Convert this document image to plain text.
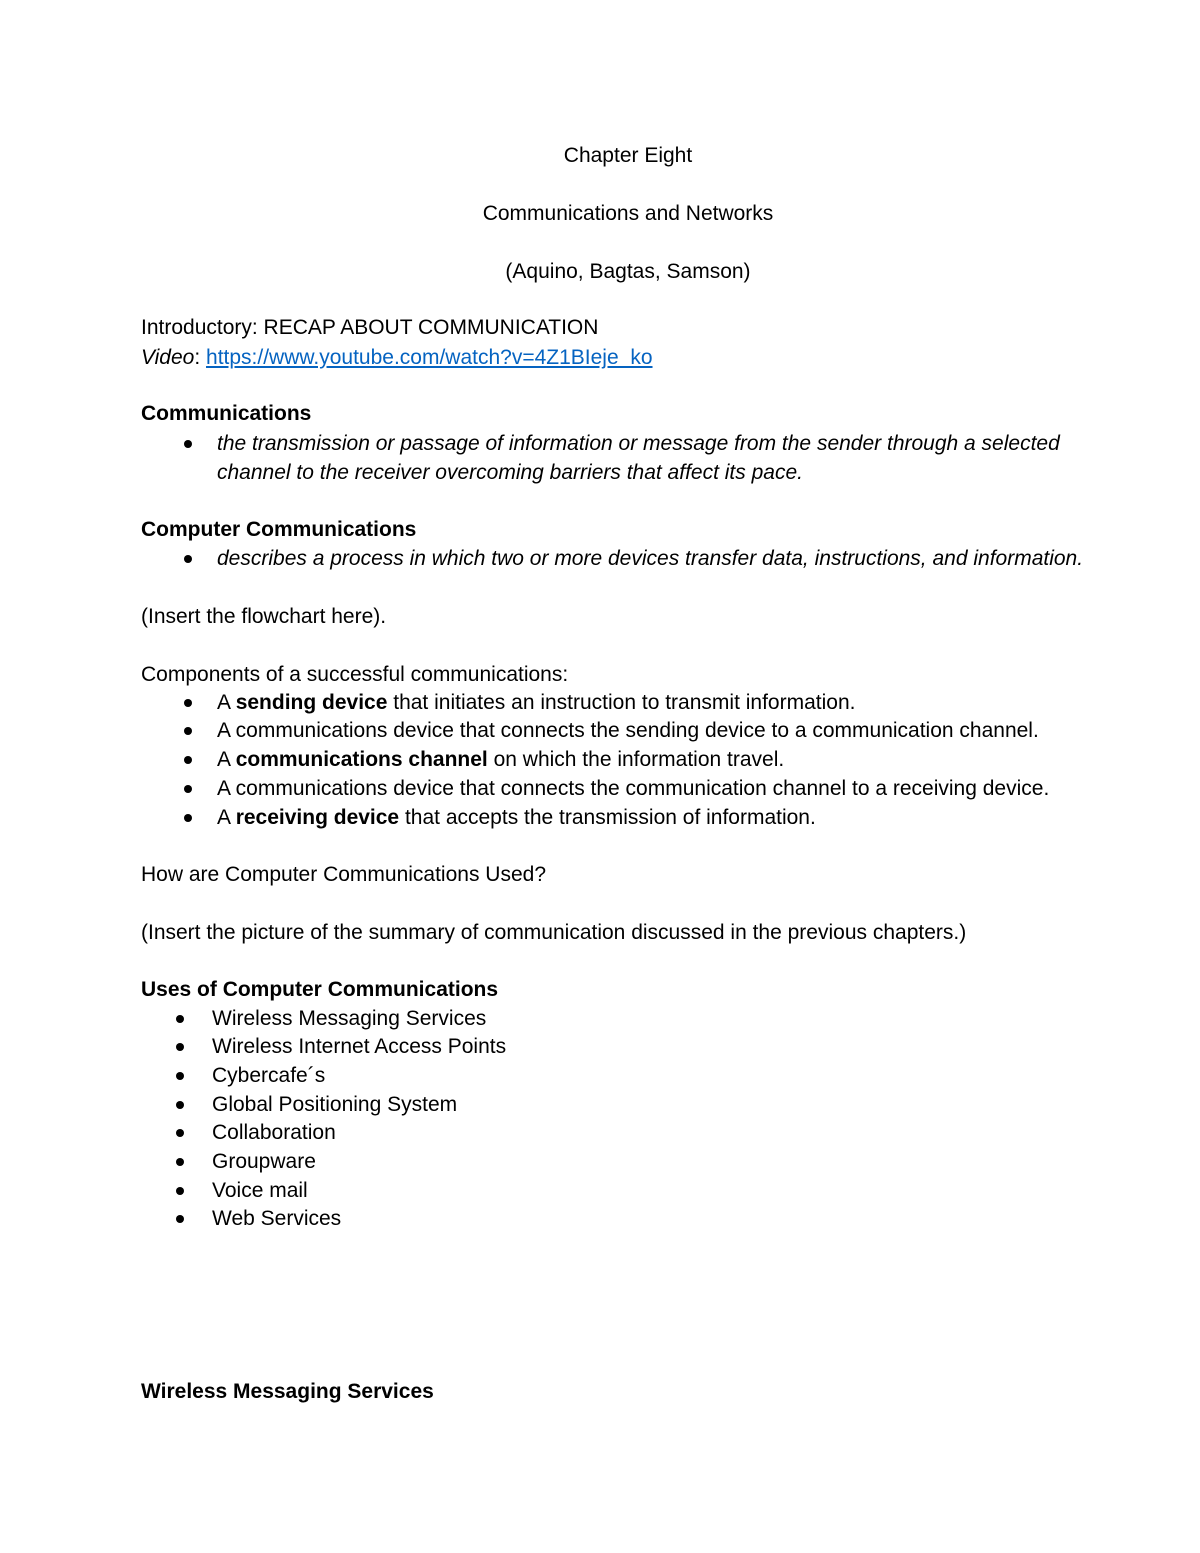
Chapter Eight
Communications and Networks
(Aquino, Bagtas, Samson)
Introductory: RECAP ABOUT COMMUNICATION
Video: https://www.youtube.com/watch?v=4Z1BIeje_ko
Communications
the transmission or passage of information or message from the sender through a selected
channel to the receiver overcoming barriers that affect its pace.
Computer Communications
describes a process in which two or more devices transfer data, instructions, and information.
(Insert the flowchart here).
Components of a successful communications:
A sending device that initiates an instruction to transmit information.
A communications device that connects the sending device to a communication channel.
A communications channel on which the information travel.
A communications device that connects the communication channel to a receiving device.
A receiving device that accepts the transmission of information.
How are Computer Communications Used?
(Insert the picture of the summary of communication discussed in the previous chapters.)
Uses of Computer Communications
Wireless Messaging Services
Wireless Internet Access Points
Cybercafe´s
Global Positioning System
Collaboration
Groupware
Voice mail
Web Services
Wireless Messaging Services
